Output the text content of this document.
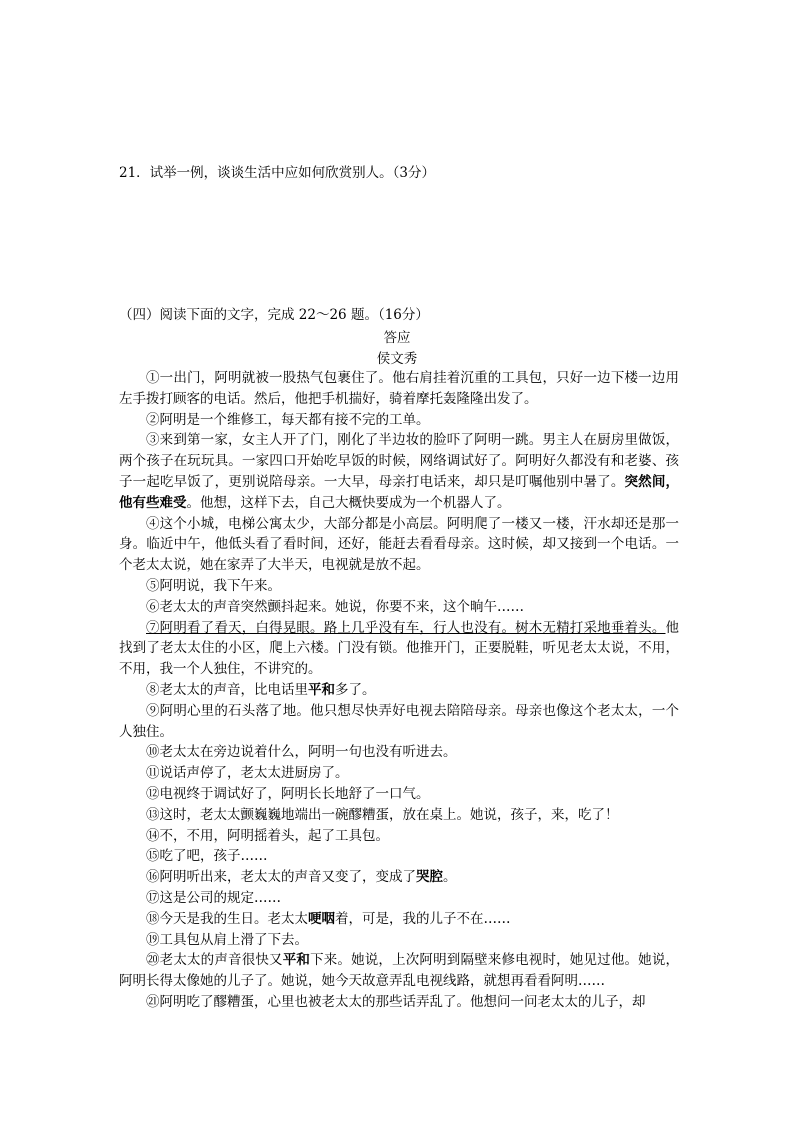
21．试举一例，谈谈生活中应如何欣赏别人。（3分）
（四）阅读下面的文字，完成 22～26 题。（16分）
答应
侯文秀

①一出门，阿明就被一股热气包裹住了。他右肩挂着沉重的工具包，只好一边下楼一边用左手拨打顾客的电话。然后，他把手机揣好，骑着摩托轰隆隆出发了。

②阿明是一个维修工，每天都有接不完的工单。

③来到第一家，女主人开了门，刚化了半边妆的脸吓了阿明一跳。男主人在厨房里做饭，两个孩子在玩玩具。一家四口开始吃早饭的时候，网络调试好了。阿明好久都没有和老婆、孩子一起吃早饭了，更别说陪母亲。一大早，母亲打电话来，却只是叮嘱他别中暑了。突然间，他有些难受。他想，这样下去，自己大概快要成为一个机器人了。

④这个小城，电梯公寓太少，大部分都是小高层。阿明爬了一楼又一楼，汗水却还是那一身。临近中午，他低头看了看时间，还好，能赶去看看母亲。这时候，却又接到一个电话。一个老太太说，她在家弄了大半天，电视就是放不起。

⑤阿明说，我下午来。

⑥老太太的声音突然颤抖起来。她说，你要不来，这个晌午……

⑦阿明看了看天，白得晃眼。路上几乎没有车，行人也没有。树木无精打采地垂着头。他找到了老太太住的小区，爬上六楼。门没有锁。他推开门，正要脱鞋，听见老太太说，不用，不用，我一个人独住，不讲究的。

⑧老太太的声音，比电话里平和多了。

⑨阿明心里的石头落了地。他只想尽快弄好电视去陪陪母亲。母亲也像这个老太太，一个人独住。

⑩老太太在旁边说着什么，阿明一句也没有听进去。

⑪说话声停了，老太太进厨房了。

⑫电视终于调试好了，阿明长长地舒了一口气。

⑬这时，老太太颤巍巍地端出一碗醪糟蛋，放在桌上。她说，孩子，来，吃了！

⑭不，不用，阿明摇着头，起了工具包。

⑮吃了吧，孩子……

⑯阿明听出来，老太太的声音又变了，变成了哭腔。

⑰这是公司的规定……

⑱今天是我的生日。老太太哽咽着，可是，我的儿子不在……

⑲工具包从肩上滑了下去。

⑳老太太的声音很快又平和下来。她说，上次阿明到隔壁来修电视时，她见过他。她说，阿明长得太像她的儿子了。她说，她今天故意弄乱电视线路，就想再看看阿明……

㉑阿明吃了醪糟蛋，心里也被老太太的那些话弄乱了。他想问一问老太太的儿子，却
